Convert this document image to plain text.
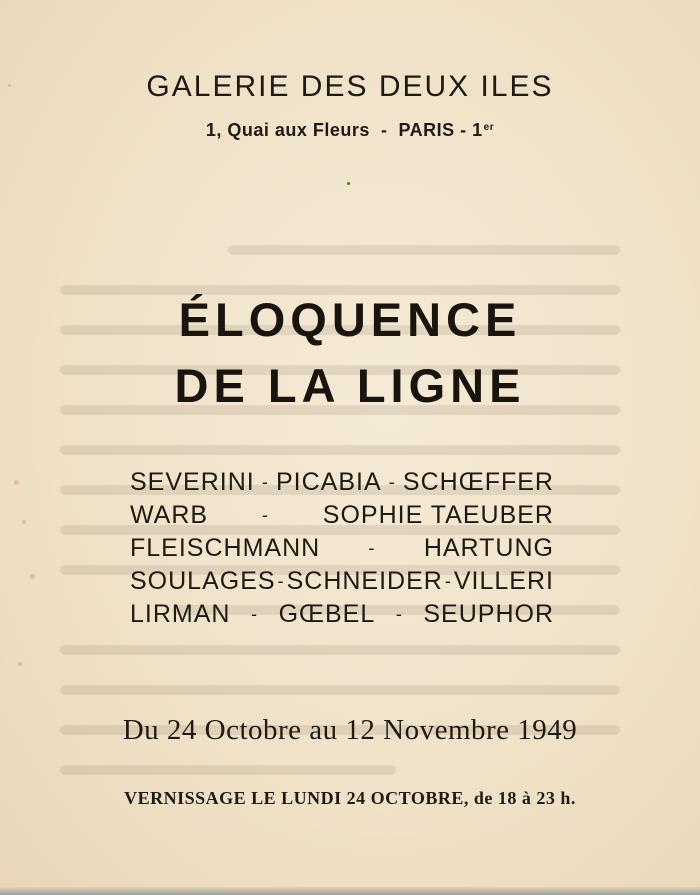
GALERIE DES DEUX ILES
1, Quai aux Fleurs - PARIS - 1er
ÉLOQUENCE
DE LA LIGNE
SEVERINI - PICABIA - SCHŒFFER
WARB	- SOPHIE TAEUBER
FLEISCHMANN	- HARTUNG
SOULAGES - SCHNEIDER - VILLERI
LIRMAN - GŒBEL - SEUPHOR
Du 24 Octobre au 12 Novembre 1949
VERNISSAGE LE LUNDI 24 OCTOBRE, de 18 à 23 h.
